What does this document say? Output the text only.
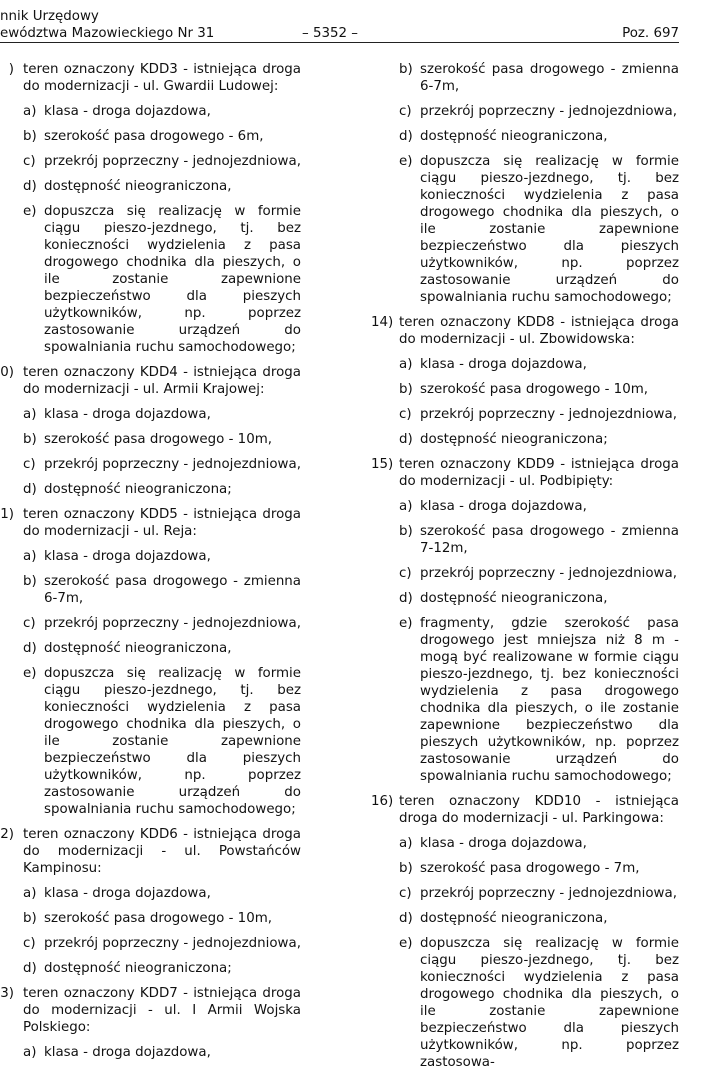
nnik Urzędowy
ewództwa Mazowieckiego Nr 31	– 5352 –	Poz. 697
) teren oznaczony KDD3 - istniejąca droga do modernizacji - ul. Gwardii Ludowej:
a) klasa - droga dojazdowa,
b) szerokość pasa drogowego - 6m,
c) przekrój poprzeczny - jednojezdniowa,
d) dostępność nieograniczona,
e) dopuszcza się realizację w formie ciągu pieszo-jezdnego, tj. bez konieczności wydzielenia z pasa drogowego chodnika dla pieszych, o ile zostanie zapewnione bezpieczeństwo dla pieszych użytkowników, np. poprzez zastosowanie urządzeń do spowalniania ruchu samochodowego;
0) teren oznaczony KDD4 - istniejąca droga do modernizacji - ul. Armii Krajowej:
a) klasa - droga dojazdowa,
b) szerokość pasa drogowego - 10m,
c) przekrój poprzeczny - jednojezdniowa,
d) dostępność nieograniczona;
1) teren oznaczony KDD5 - istniejąca droga do modernizacji - ul. Reja:
a) klasa - droga dojazdowa,
b) szerokość pasa drogowego - zmienna 6-7m,
c) przekrój poprzeczny - jednojezdniowa,
d) dostępność nieograniczona,
e) dopuszcza się realizację w formie ciągu pieszo-jezdnego, tj. bez konieczności wydzielenia z pasa drogowego chodnika dla pieszych, o ile zostanie zapewnione bezpieczeństwo dla pieszych użytkowników, np. poprzez zastosowanie urządzeń do spowalniania ruchu samochodowego;
2) teren oznaczony KDD6 - istniejąca droga do modernizacji - ul. Powstańców Kampinosu:
a) klasa - droga dojazdowa,
b) szerokość pasa drogowego - 10m,
c) przekrój poprzeczny - jednojezdniowa,
d) dostępność nieograniczona;
3) teren oznaczony KDD7 - istniejąca droga do modernizacji - ul. I Armii Wojska Polskiego:
a) klasa - droga dojazdowa,
b) szerokość pasa drogowego - zmienna 6-7m,
c) przekrój poprzeczny - jednojezdniowa,
d) dostępność nieograniczona,
e) dopuszcza się realizację w formie ciągu pieszo-jezdnego, tj. bez konieczności wydzielenia z pasa drogowego chodnika dla pieszych, o ile zostanie zapewnione bezpieczeństwo dla pieszych użytkowników, np. poprzez zastosowanie urządzeń do spowalniania ruchu samochodowego;
14) teren oznaczony KDD8 - istniejąca droga do modernizacji - ul. Zbowidowska:
a) klasa - droga dojazdowa,
b) szerokość pasa drogowego - 10m,
c) przekrój poprzeczny - jednojezdniowa,
d) dostępność nieograniczona;
15) teren oznaczony KDD9 - istniejąca droga do modernizacji - ul. Podbipięty:
a) klasa - droga dojazdowa,
b) szerokość pasa drogowego - zmienna 7-12m,
c) przekrój poprzeczny - jednojezdniowa,
d) dostępność nieograniczona,
e) fragmenty, gdzie szerokość pasa drogowego jest mniejsza niż 8 m - mogą być realizowane w formie ciągu pieszo-jezdnego, tj. bez konieczności wydzielenia z pasa drogowego chodnika dla pieszych, o ile zostanie zapewnione bezpieczeństwo dla pieszych użytkowników, np. poprzez zastosowanie urządzeń do spowalniania ruchu samochodowego;
16) teren oznaczony KDD10 - istniejąca droga do modernizacji - ul. Parkingowa:
a) klasa - droga dojazdowa,
b) szerokość pasa drogowego - 7m,
c) przekrój poprzeczny - jednojezdniowa,
d) dostępność nieograniczona,
e) dopuszcza się realizację w formie ciągu pieszo-jezdnego, tj. bez konieczności wydzielenia z pasa drogowego chodnika dla pieszych, o ile zostanie zapewnione bezpieczeństwo dla pieszych użytkowników, np. poprzez zastosowa-
